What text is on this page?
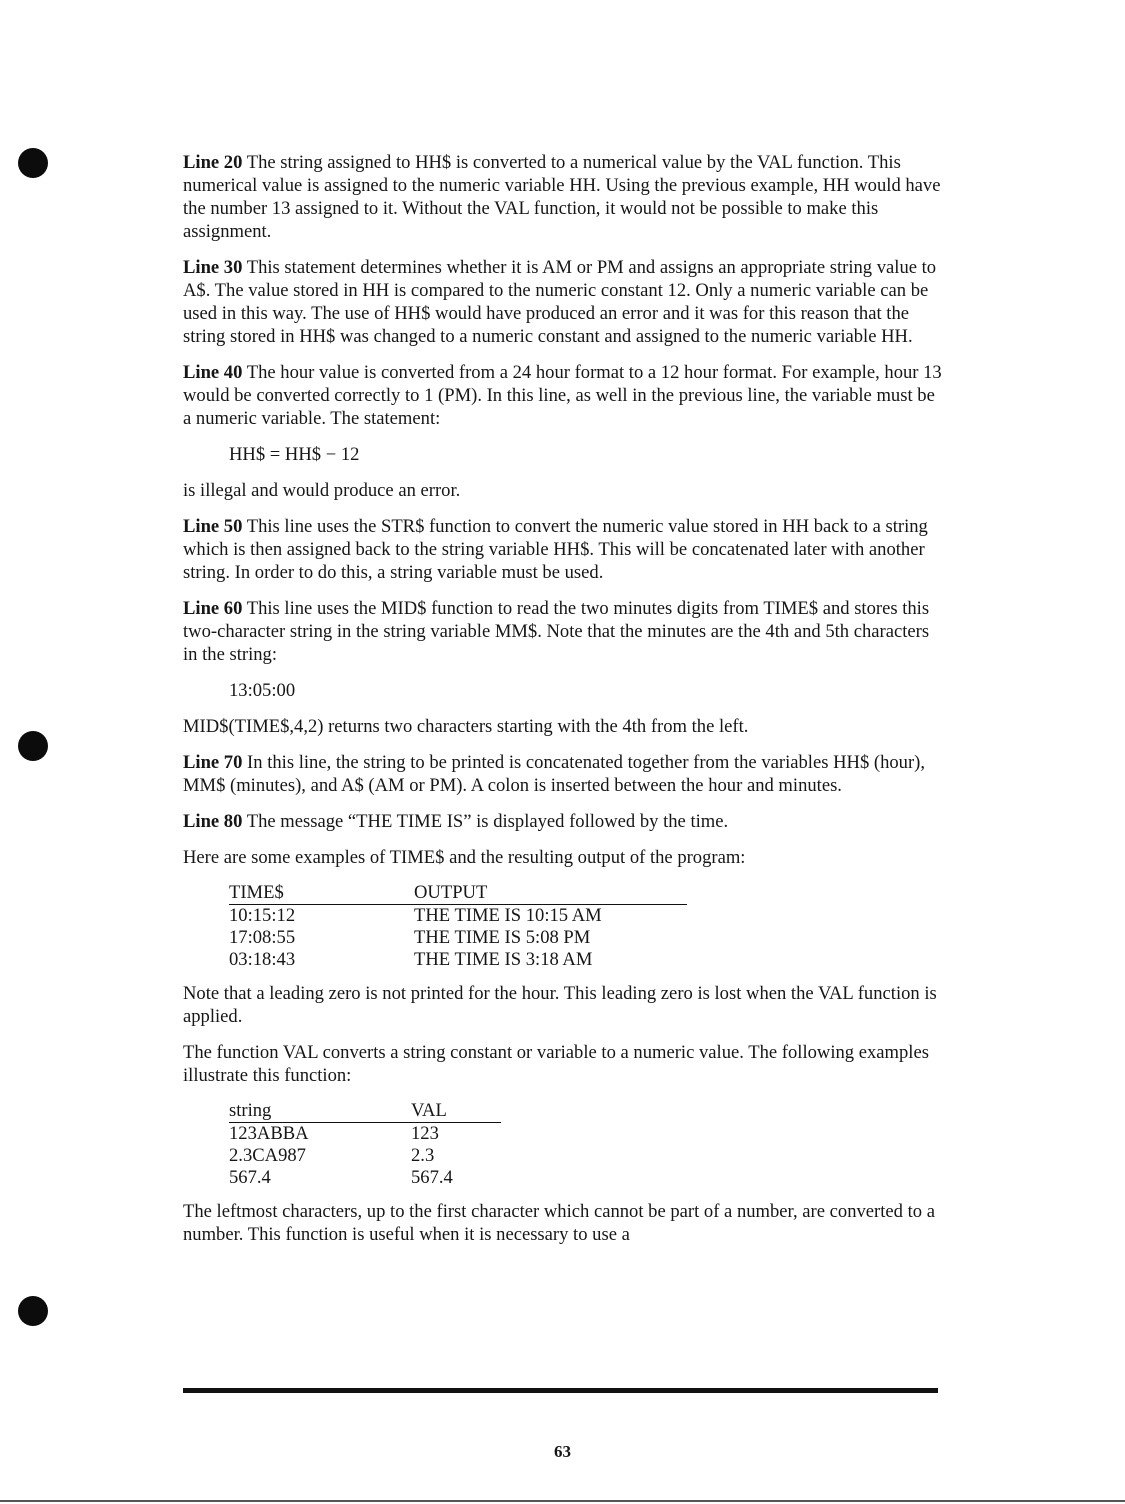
Line 20 The string assigned to HH$ is converted to a numerical value by the VAL function. This numerical value is assigned to the numeric variable HH. Using the previous example, HH would have the number 13 assigned to it. Without the VAL function, it would not be possible to make this assignment.

Line 30 This statement determines whether it is AM or PM and assigns an appropriate string value to A$. The value stored in HH is compared to the numeric constant 12. Only a numeric variable can be used in this way. The use of HH$ would have produced an error and it was for this reason that the string stored in HH$ was changed to a numeric constant and assigned to the numeric variable HH.

Line 40 The hour value is converted from a 24 hour format to a 12 hour format. For example, hour 13 would be converted correctly to 1 (PM). In this line, as well in the previous line, the variable must be a numeric variable. The statement:

HH$ = HH$ − 12

is illegal and would produce an error.

Line 50 This line uses the STR$ function to convert the numeric value stored in HH back to a string which is then assigned back to the string variable HH$. This will be concatenated later with another string. In order to do this, a string variable must be used.

Line 60 This line uses the MID$ function to read the two minutes digits from TIME$ and stores this two-character string in the string variable MM$. Note that the minutes are the 4th and 5th characters in the string:

13:05:00

MID$(TIME$,4,2) returns two characters starting with the 4th from the left.

Line 70 In this line, the string to be printed is concatenated together from the variables HH$ (hour), MM$ (minutes), and A$ (AM or PM). A colon is inserted between the hour and minutes.

Line 80 The message “THE TIME IS” is displayed followed by the time.

Here are some examples of TIME$ and the resulting output of the program:

TIME$	OUTPUT
10:15:12	THE TIME IS 10:15 AM
17:08:55	THE TIME IS 5:08 PM
03:18:43	THE TIME IS 3:18 AM

Note that a leading zero is not printed for the hour. This leading zero is lost when the VAL function is applied.

The function VAL converts a string constant or variable to a numeric value. The following examples illustrate this function:

string	VAL
123ABBA	123
2.3CA987	2.3
567.4	567.4

The leftmost characters, up to the first character which cannot be part of a number, are converted to a number. This function is useful when it is necessary to use a

63
